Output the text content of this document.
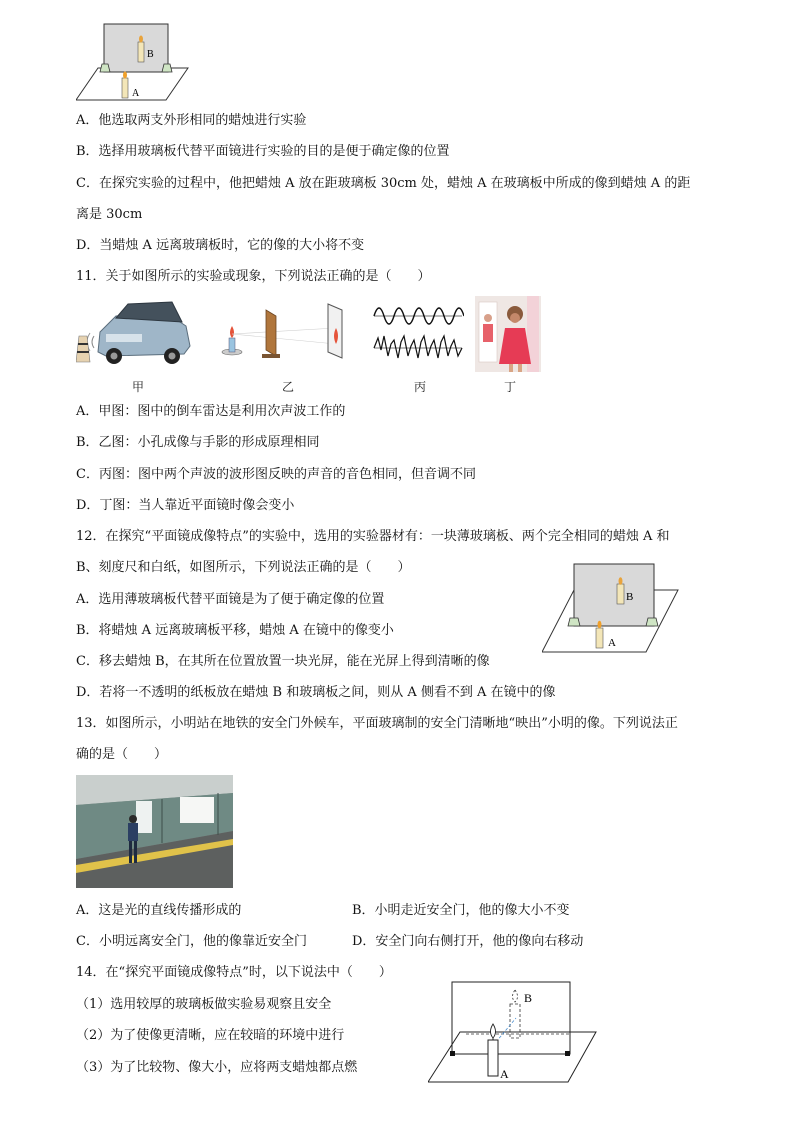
B
A
A．他选取两支外形相同的蜡烛进行实验
B．选择用玻璃板代替平面镜进行实验的目的是便于确定像的位置
C．在探究实验的过程中，他把蜡烛 A 放在距玻璃板 30cm 处，蜡烛 A 在玻璃板中所成的像到蜡烛 A 的距
离是 30cm
D．当蜡烛 A 远离玻璃板时，它的像的大小将不变
11．关于如图所示的实验或现象，下列说法正确的是（　　）
甲	乙	丙	丁
A．甲图：图中的倒车雷达是利用次声波工作的
B．乙图：小孔成像与手影的形成原理相同
C．丙图：图中两个声波的波形图反映的声音的音色相同，但音调不同
D．丁图：当人靠近平面镜时像会变小
12．在探究“平面镜成像特点”的实验中，选用的实验器材有：一块薄玻璃板、两个完全相同的蜡烛 A 和
B、刻度尺和白纸，如图所示，下列说法正确的是（　　）
B
A
A．选用薄玻璃板代替平面镜是为了便于确定像的位置
B．将蜡烛 A 远离玻璃板平移，蜡烛 A 在镜中的像变小
C．移去蜡烛 B，在其所在位置放置一块光屏，能在光屏上得到清晰的像
D．若将一不透明的纸板放在蜡烛 B 和玻璃板之间，则从 A 侧看不到 A 在镜中的像
13．如图所示，小明站在地铁的安全门外候车，平面玻璃制的安全门清晰地“映出”小明的像。下列说法正
确的是（　　）
A．这是光的直线传播形成的	B．小明走近安全门，他的像大小不变
C．小明远离安全门，他的像靠近安全门	D．安全门向右侧打开，他的像向右移动
14．在“探究平面镜成像特点”时，以下说法中（　　）
（1）选用较厚的玻璃板做实验易观察且安全
（2）为了使像更清晰，应在较暗的环境中进行
（3）为了比较物、像大小，应将两支蜡烛都点燃
B
A
